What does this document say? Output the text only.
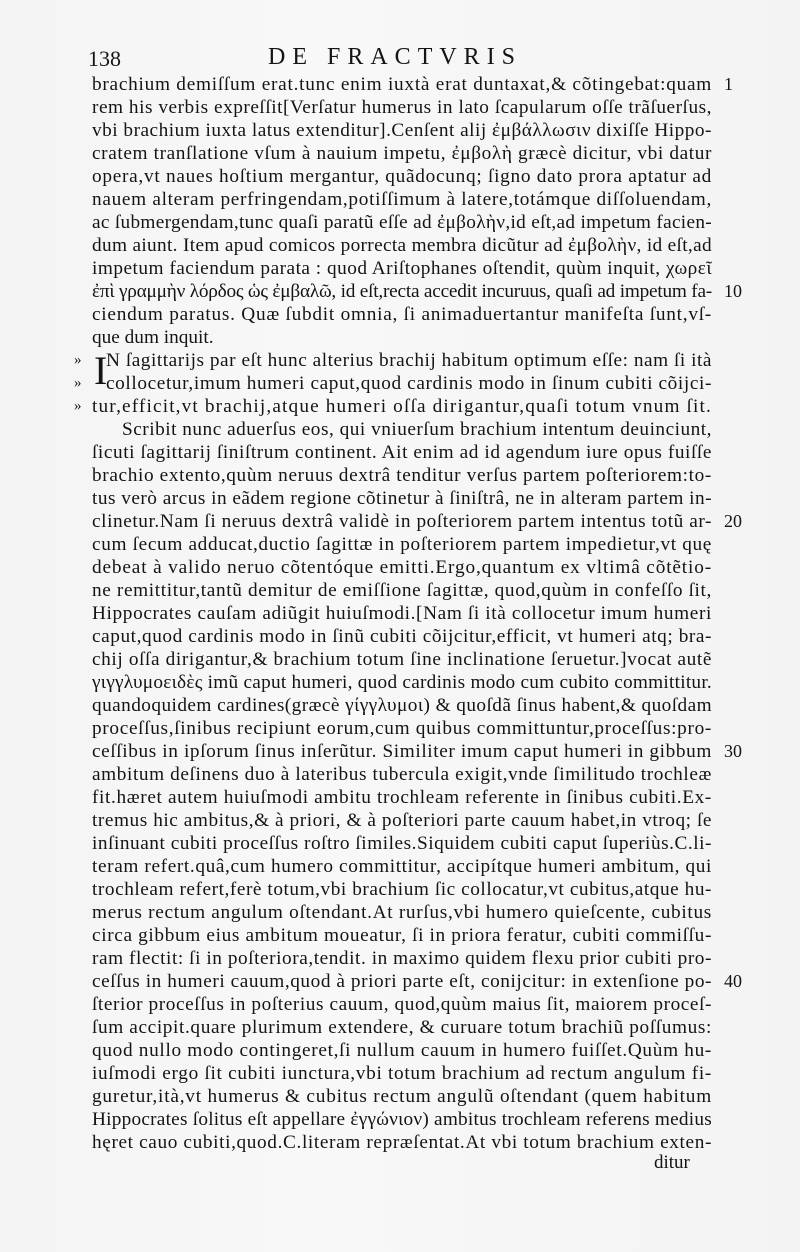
138	DE FRACTVRIS
brachium demiſſum erat.tunc enim iuxtà erat duntaxat,& cõtingebat:quam 1
rem his verbis expreſſit[Verſatur humerus in lato ſcapularum oſſe trãſuerſus,
vbi brachium iuxta latus extenditur].Cenſent alij ἐμβάλλωσιν dixiſſe Hippo-
cratem tranſlatione vſum à nauium impetu, ἐμβολὴ græcè dicitur, vbi datur
opera,vt naues hoſtium mergantur, quãdocunq; ſigno dato prora aptatur ad
nauem alteram perfringendam,potiſſimum à latere,totámque diſſoluendam,
ac ſubmergendam,tunc quaſi paratũ eſſe ad ἐμβολὴν,id eſt,ad impetum facien-
dum aiunt. Item apud comicos porrecta membra dicũtur ad ἐμβολὴν, id eſt,ad
impetum faciendum parata : quod Ariſtophanes oſtendit, quùm inquit, χωρεῖ
ἐπὶ γραμμὴν λόρδος ὡς ἐμβαλῶ, id eſt,recta accedit incuruus, quaſi ad impetum fa- 10
ciendum paratus. Quæ ſubdit omnia, ſi animaduertantur manifeſta ſunt,vſ-
que dum inquit.
» I
N ſagittarijs par eſt hunc alterius brachij habitum optimum eſſe: nam ſi ità
» collocetur,imum humeri caput,quod cardinis modo in ſinum cubiti cõijci-
» tur,efficit,vt brachij,atque humeri oſſa dirigantur,quaſi totum vnum ſit.
Scribit nunc aduerſus eos, qui vniuerſum brachium intentum deuinciunt,
ſicuti ſagittarij ſiniſtrum continent. Ait enim ad id agendum iure opus fuiſſe
brachio extento,quùm neruus dextrâ tenditur verſus partem poſteriorem:to-
tus verò arcus in eãdem regione cõtinetur à ſiniſtrâ, ne in alteram partem in-
clinetur.Nam ſi neruus dextrâ validè in poſteriorem partem intentus totũ ar- 20
cum ſecum adducat,ductio ſagittæ in poſteriorem partem impedietur,vt quę
debeat à valido neruo cõtentóque emitti.Ergo,quantum ex vltimâ cõtẽtio-
ne remittitur,tantũ demitur de emiſſione ſagittæ, quod,quùm in confeſſo ſit,
Hippocrates cauſam adiũgit huiuſmodi.[Nam ſi ità collocetur imum humeri
caput,quod cardinis modo in ſinũ cubiti cõijcitur,efficit, vt humeri atq; bra-
chij oſſa dirigantur,& brachium totum ſine inclinatione ſeruetur.]vocat autẽ
γιγγλυμοειδὲς imũ caput humeri, quod cardinis modo cum cubito committitur.
quandoquidem cardines(græcè γίγγλυμοι) & quoſdã ſinus habent,& quoſdam
proceſſus,ſinibus recipiunt eorum,cum quibus committuntur,proceſſus:pro-
ceſſibus in ipſorum ſinus inſerũtur. Similiter imum caput humeri in gibbum 30
ambitum deſinens duo à lateribus tubercula exigit,vnde ſimilitudo trochleæ
fit.hæret autem huiuſmodi ambitu trochleam referente in ſinibus cubiti.Ex-
tremus hic ambitus,& à priori, & à poſteriori parte cauum habet,in vtroq; ſe
inſinuant cubiti proceſſus roſtro ſimiles.Siquidem cubiti caput ſuperiùs.C.li-
teram refert.quâ,cum humero committitur, accipítque humeri ambitum, qui
trochleam refert,ferè totum,vbi brachium ſic collocatur,vt cubitus,atque hu-
merus rectum angulum oſtendant.At rurſus,vbi humero quieſcente, cubitus
circa gibbum eius ambitum moueatur, ſi in priora feratur, cubiti commiſſu-
ram flectit: ſi in poſteriora,tendit. in maximo quidem flexu prior cubiti pro-
ceſſus in humeri cauum,quod à priori parte eſt, conijcitur: in extenſione po- 40
ſterior proceſſus in poſterius cauum, quod,quùm maius ſit, maiorem proceſ-
ſum accipit.quare plurimum extendere, & curuare totum brachiũ poſſumus:
quod nullo modo contingeret,ſi nullum cauum in humero fuiſſet.Quùm hu-
iuſmodi ergo ſit cubiti iunctura,vbi totum brachium ad rectum angulum fi-
guretur,ità,vt humerus & cubitus rectum angulũ oſtendant (quem habitum
Hippocrates ſolitus eſt appellare ἐγγώνιον) ambitus trochleam referens medius
hęret cauo cubiti,quod.C.literam repræſentat.At vbi totum brachium exten-
ditur
